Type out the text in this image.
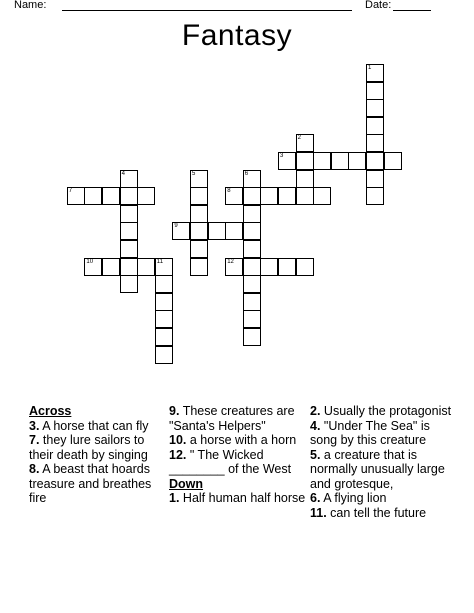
Name:	Date:
Fantasy
1
2
3
4	5	6
7	8
9
10	11	12

Across

3. A horse that can fly

7. they lure sailors to their death by singing

8. A beast that hoards treasure and breathes fire

9. These creatures are "Santa's Helpers"

10. a horse with a horn

12. " The Wicked ________ of the West

Down

1. Half human half horse

2. Usually the protagonist

4. "Under The Sea" is song by this creature

5. a creature that is normally unusually large and grotesque,

6. A flying lion

11. can tell the future
